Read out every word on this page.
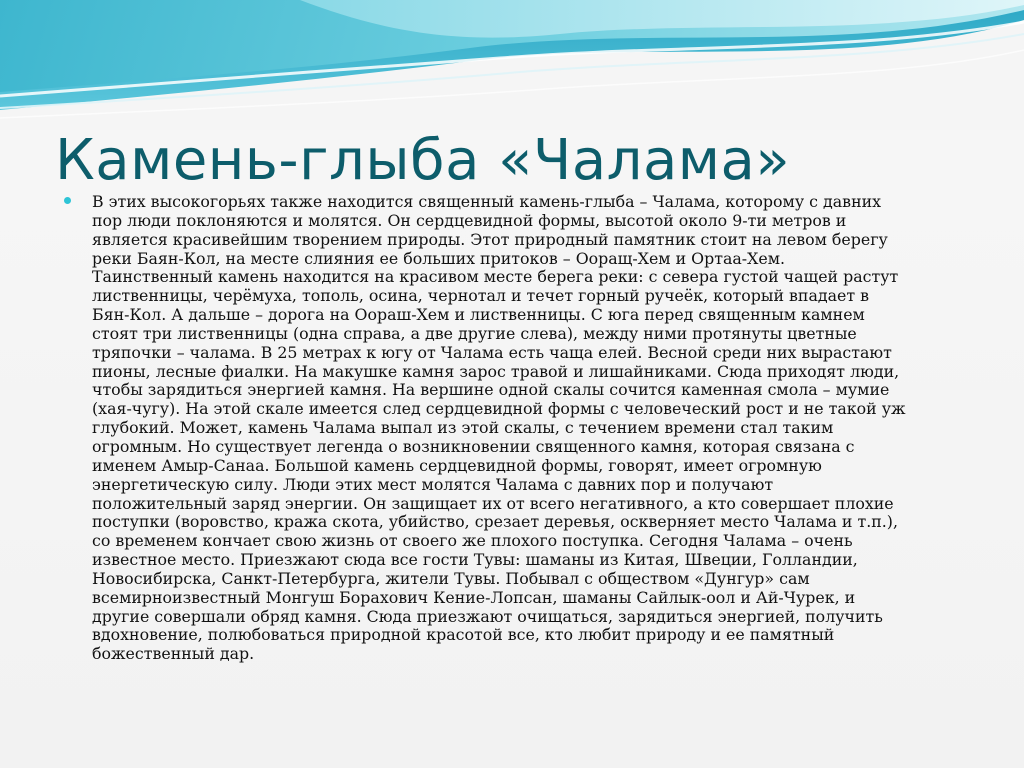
Камень-глыба «Чалама»

В этих высокогорьях также находится священный камень-глыба – Чалама, которому с давних
пор люди поклоняются и молятся. Он сердцевидной формы, высотой около 9-ти метров и
является красивейшим творением природы. Этот природный памятник стоит на левом берегу
реки Баян-Кол, на месте слияния ее больших притоков – Ооращ-Хем и Ортаа-Хем.
Таинственный камень находится на красивом месте берега реки: с севера густой чащей растут
лиственницы, черёмуха, тополь, осина, чернотал и течет горный ручеёк, который впадает в
Бян-Кол. А дальше – дорога на Оораш-Хем и лиственницы. С юга перед священным камнем
стоят три лиственницы (одна справа, а две другие слева), между ними протянуты цветные
тряпочки – чалама. В 25 метрах к югу от Чалама есть чаща елей. Весной среди них вырастают
пионы, лесные фиалки. На макушке камня зарос травой и лишайниками. Сюда приходят люди,
чтобы зарядиться энергией камня. На вершине одной скалы сочится каменная смола – мумие
(хая-чугу). На этой скале имеется след сердцевидной формы с человеческий рост и не такой уж
глубокий. Может, камень Чалама выпал из этой скалы, с течением времени стал таким
огромным. Но существует легенда о возникновении священного камня, которая связана с
именем Амыр-Санаа. Большой камень сердцевидной формы, говорят, имеет огромную
энергетическую силу. Люди этих мест молятся Чалама с давних пор и получают
положительный заряд энергии. Он защищает их от всего негативного, а кто совершает плохие
поступки (воровство, кража скота, убийство, срезает деревья, оскверняет место Чалама и т.п.),
со временем кончает свою жизнь от своего же плохого поступка. Сегодня Чалама – очень
известное место. Приезжают сюда все гости Тувы: шаманы из Китая, Швеции, Голландии,
Новосибирска, Санкт-Петербурга, жители Тувы. Побывал с обществом «Дунгур» сам
всемирноизвестный Монгуш Борахович Кение-Лопсан, шаманы Сайлык-оол и Ай-Чурек, и
другие совершали обряд камня. Сюда приезжают очищаться, зарядиться энергией, получить
вдохновение, полюбоваться природной красотой все, кто любит природу и ее памятный
божественный дар.
